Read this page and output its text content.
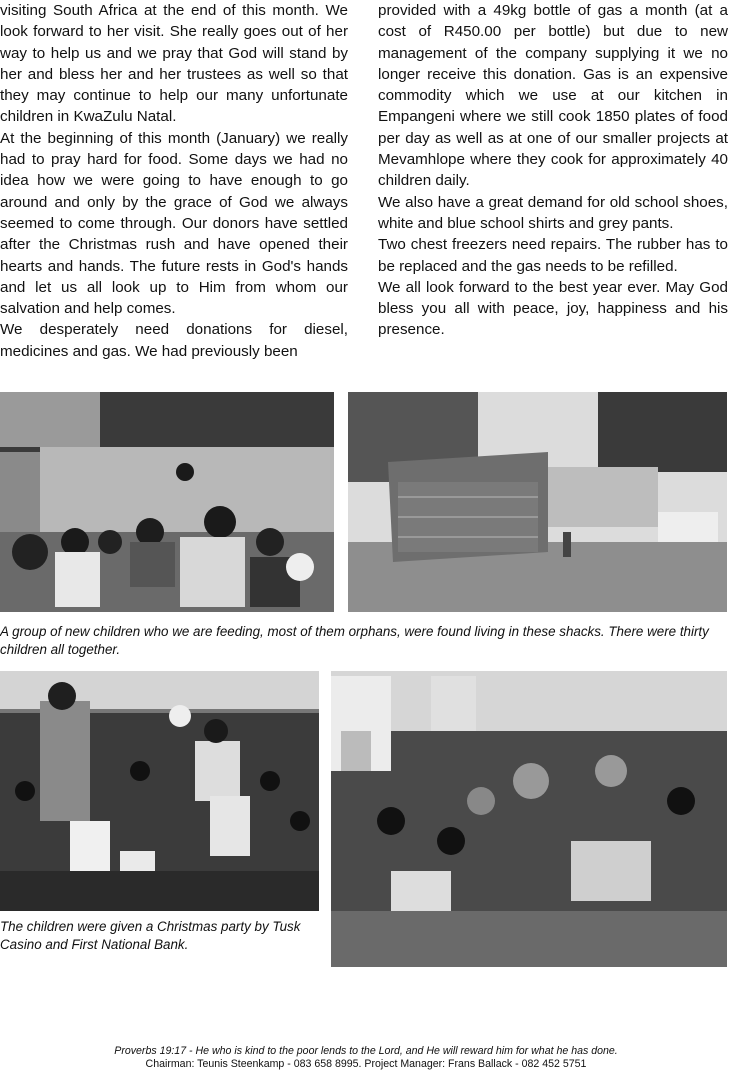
visiting South Africa at the end of this month. We look forward to her visit. She really goes out of her way to help us and we pray that God will stand by her and bless her and her trustees as well so that they may continue to help our many unfortunate children in KwaZulu Natal.

At the beginning of this month (January) we really had to pray hard for food. Some days we had no idea how we were going to have enough to go around and only by the grace of God we always seemed to come through. Our donors have settled after the Christmas rush and have opened their hearts and hands. The future rests in God's hands and let us all look up to Him from whom our salvation and help comes.

We desperately need donations for diesel, medicines and gas. We had previously been

provided with a 49kg bottle of gas a month (at a cost of R450.00 per bottle) but due to new management of the company supplying it we no longer receive this donation. Gas is an expensive commodity which we use at our kitchen in Empangeni where we still cook 1850 plates of food per day as well as at one of our smaller projects at Mevamhlope where they cook for approximately 40 children daily.

We also have a great demand for old school shoes, white and blue school shirts and grey pants.

Two chest freezers need repairs. The rubber has to be replaced and the gas needs to be refilled.

We all look forward to the best year ever. May God bless you all with peace, joy, happiness and his presence.

A group of new children who we are feeding, most of them orphans, were found living in these shacks. There were thirty children all together.
The children were given a Christmas party by Tusk Casino and First National Bank.
Proverbs 19:17 - He who is kind to the poor lends to the Lord, and He will reward him for what he has done.
Chairman: Teunis Steenkamp - 083 658 8995. Project Manager: Frans Ballack - 082 452 5751
